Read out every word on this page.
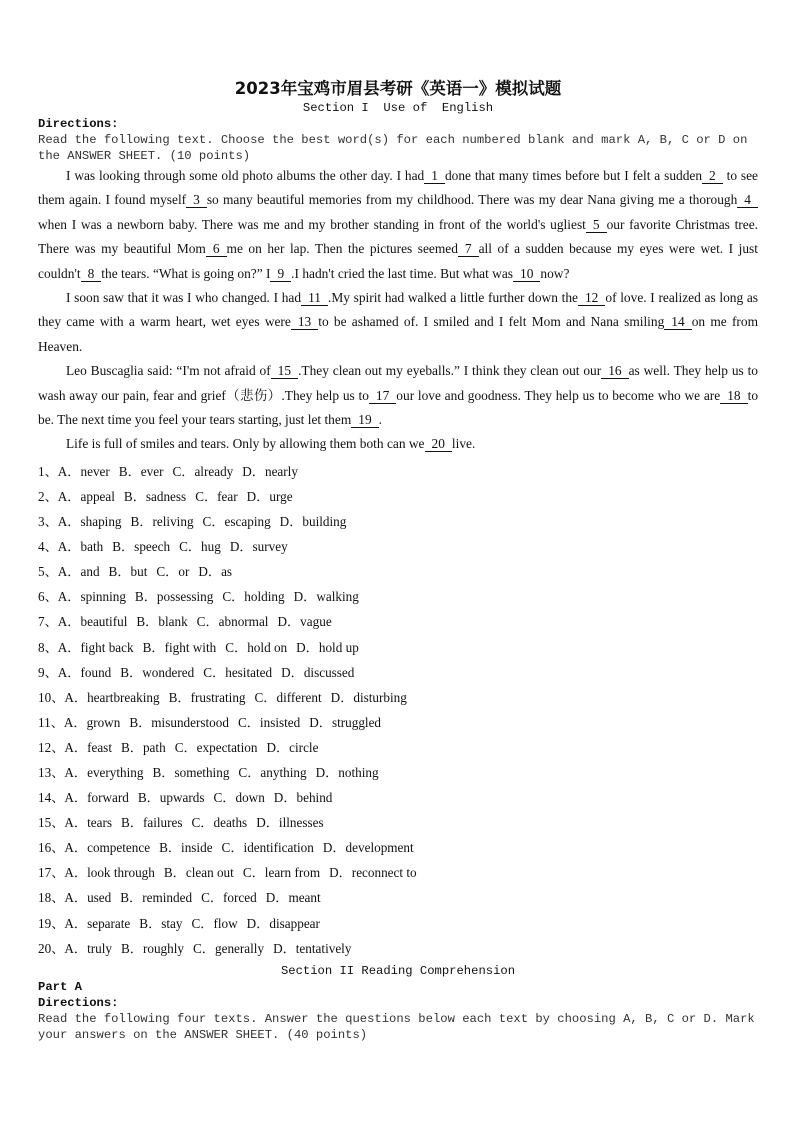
2023年宝鸡市眉县考研《英语一》模拟试题
Section I  Use of  English
Directions:
Read the following text. Choose the best word(s) for each numbered blank and mark A, B, C or D on the ANSWER SHEET. (10 points)

I was looking through some old photo albums the other day. I had 1 done that many times before but I felt a sudden 2 to see them again. I found myself 3 so many beautiful memories from my childhood. There was my dear Nana giving me a thorough 4when I was a newborn baby. There was me and my brother standing in front of the world's ugliest 5 our favorite Christmas tree. There was my beautiful Mom 6 me on her lap. Then the pictures seemed 7 all of a sudden because my eyes were wet. I just couldn't 8 the tears. “What is going on?” I 9 .I hadn't cried the last time. But what was 10 now?

I soon saw that it was I who changed. I had 11 .My spirit had walked a little further down the 12 of love. I realized as long as they came with a warm heart, wet eyes were 13 to be ashamed of. I smiled and I felt Mom and Nana smiling 14 on me from Heaven.

Leo Buscaglia said: “I'm not afraid of 15 .They clean out my eyeballs.” I think they clean out our 16 as well. They help us to wash away our pain, fear and grief（悲伤）.They help us to 17 our love and goodness. They help us to become who we are 18 to be. The next time you feel your tears starting, just let them 19 .

Life is full of smiles and tears. Only by allowing them both can we 20 live.

1、A．never B．ever C．already D．nearly
2、A．appeal B．sadness C．fear D．urge
3、A．shaping B．reliving C．escaping D．building
4、A．bath B．speech C．hug D．survey
5、A．and B．but C．or D．as
6、A．spinning B．possessing C．holding D．walking
7、A．beautiful B．blank C．abnormal D．vague
8、A．fight back B．fight with C．hold on D．hold up
9、A．found B．wondered C．hesitated D．discussed
10、A．heartbreaking B．frustrating C．different D．disturbing
11、A．grown B．misunderstood C．insisted D．struggled
12、A．feast B．path C．expectation D．circle
13、A．everything B．something C．anything D．nothing
14、A．forward B．upwards C．down D．behind
15、A．tears B．failures C．deaths D．illnesses
16、A．competence B．inside C．identification D．development
17、A．look through B．clean out C．learn from D．reconnect to
18、A．used B．reminded C．forced D．meant
19、A．separate B．stay C．flow D．disappear
20、A．truly B．roughly C．generally D．tentatively
Section II Reading Comprehension
Part A
Directions:
Read the following four texts. Answer the questions below each text by choosing A, B, C or D. Mark your answers on the ANSWER SHEET. (40 points)
